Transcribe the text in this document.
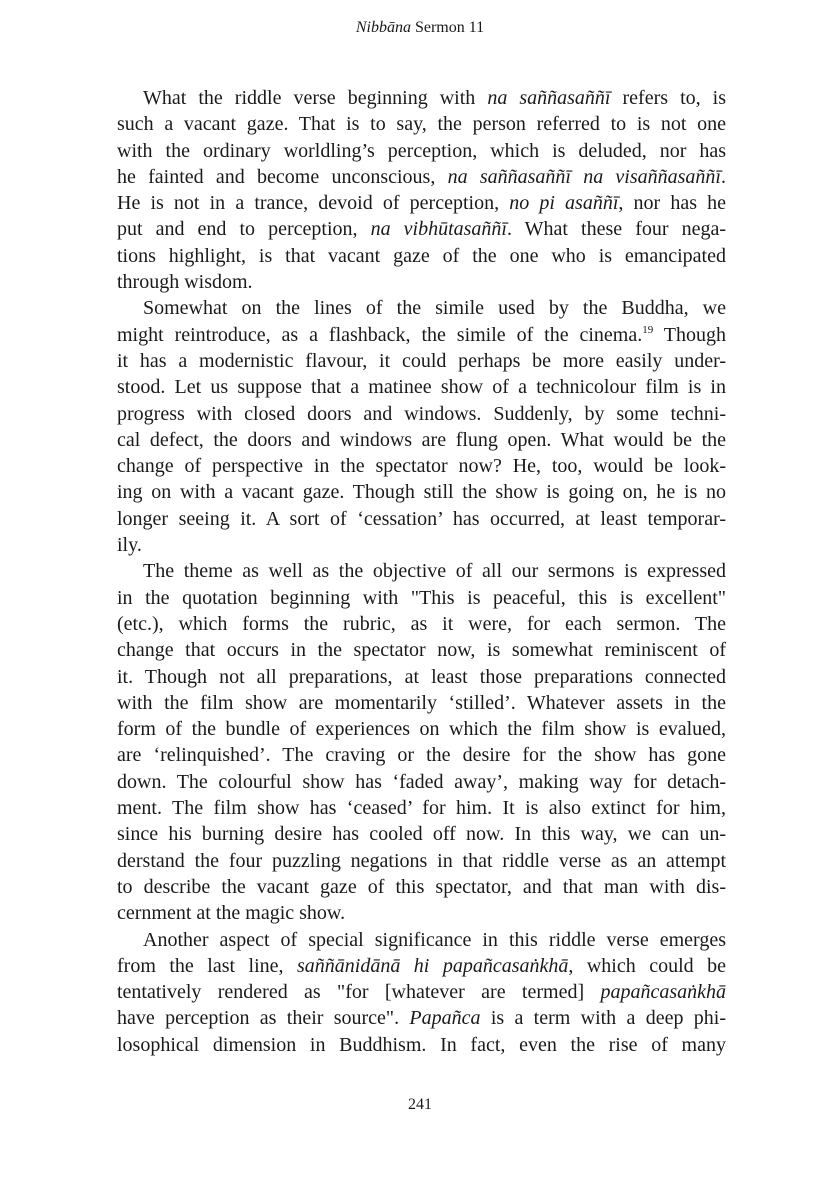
Nibbāna Sermon 11
What the riddle verse beginning with na saññasaññī refers to, is
such a vacant gaze. That is to say, the person referred to is not one
with the ordinary worldling’s perception, which is deluded, nor has
he fainted and become unconscious, na saññasaññī na visaññasaññī.
He is not in a trance, devoid of perception, no pi asaññī, nor has he
put and end to perception, na vibhūtasaññī. What these four nega-
tions highlight, is that vacant gaze of the one who is emancipated
through wisdom.
Somewhat on the lines of the simile used by the Buddha, we
might reintroduce, as a flashback, the simile of the cinema.$^{19}$ Though
it has a modernistic flavour, it could perhaps be more easily under-
stood. Let us suppose that a matinee show of a technicolour film is in
progress with closed doors and windows. Suddenly, by some techni-
cal defect, the doors and windows are flung open. What would be the
change of perspective in the spectator now? He, too, would be look-
ing on with a vacant gaze. Though still the show is going on, he is no
longer seeing it. A sort of ‘cessation’ has occurred, at least temporar-
ily.
The theme as well as the objective of all our sermons is expressed
in the quotation beginning with "This is peaceful, this is excellent"
(etc.), which forms the rubric, as it were, for each sermon. The
change that occurs in the spectator now, is somewhat reminiscent of
it. Though not all preparations, at least those preparations connected
with the film show are momentarily ‘stilled’. Whatever assets in the
form of the bundle of experiences on which the film show is evalued,
are ‘relinquished’. The craving or the desire for the show has gone
down. The colourful show has ‘faded away’, making way for detach-
ment. The film show has ‘ceased’ for him. It is also extinct for him,
since his burning desire has cooled off now. In this way, we can un-
derstand the four puzzling negations in that riddle verse as an attempt
to describe the vacant gaze of this spectator, and that man with dis-
cernment at the magic show.
Another aspect of special significance in this riddle verse emerges
from the last line, saññānidānā hi papañcasaṅkhā, which could be
tentatively rendered as "for [whatever are termed] papañcasaṅkhā
have perception as their source". Papañca is a term with a deep phi-
losophical dimension in Buddhism. In fact, even the rise of many
241
